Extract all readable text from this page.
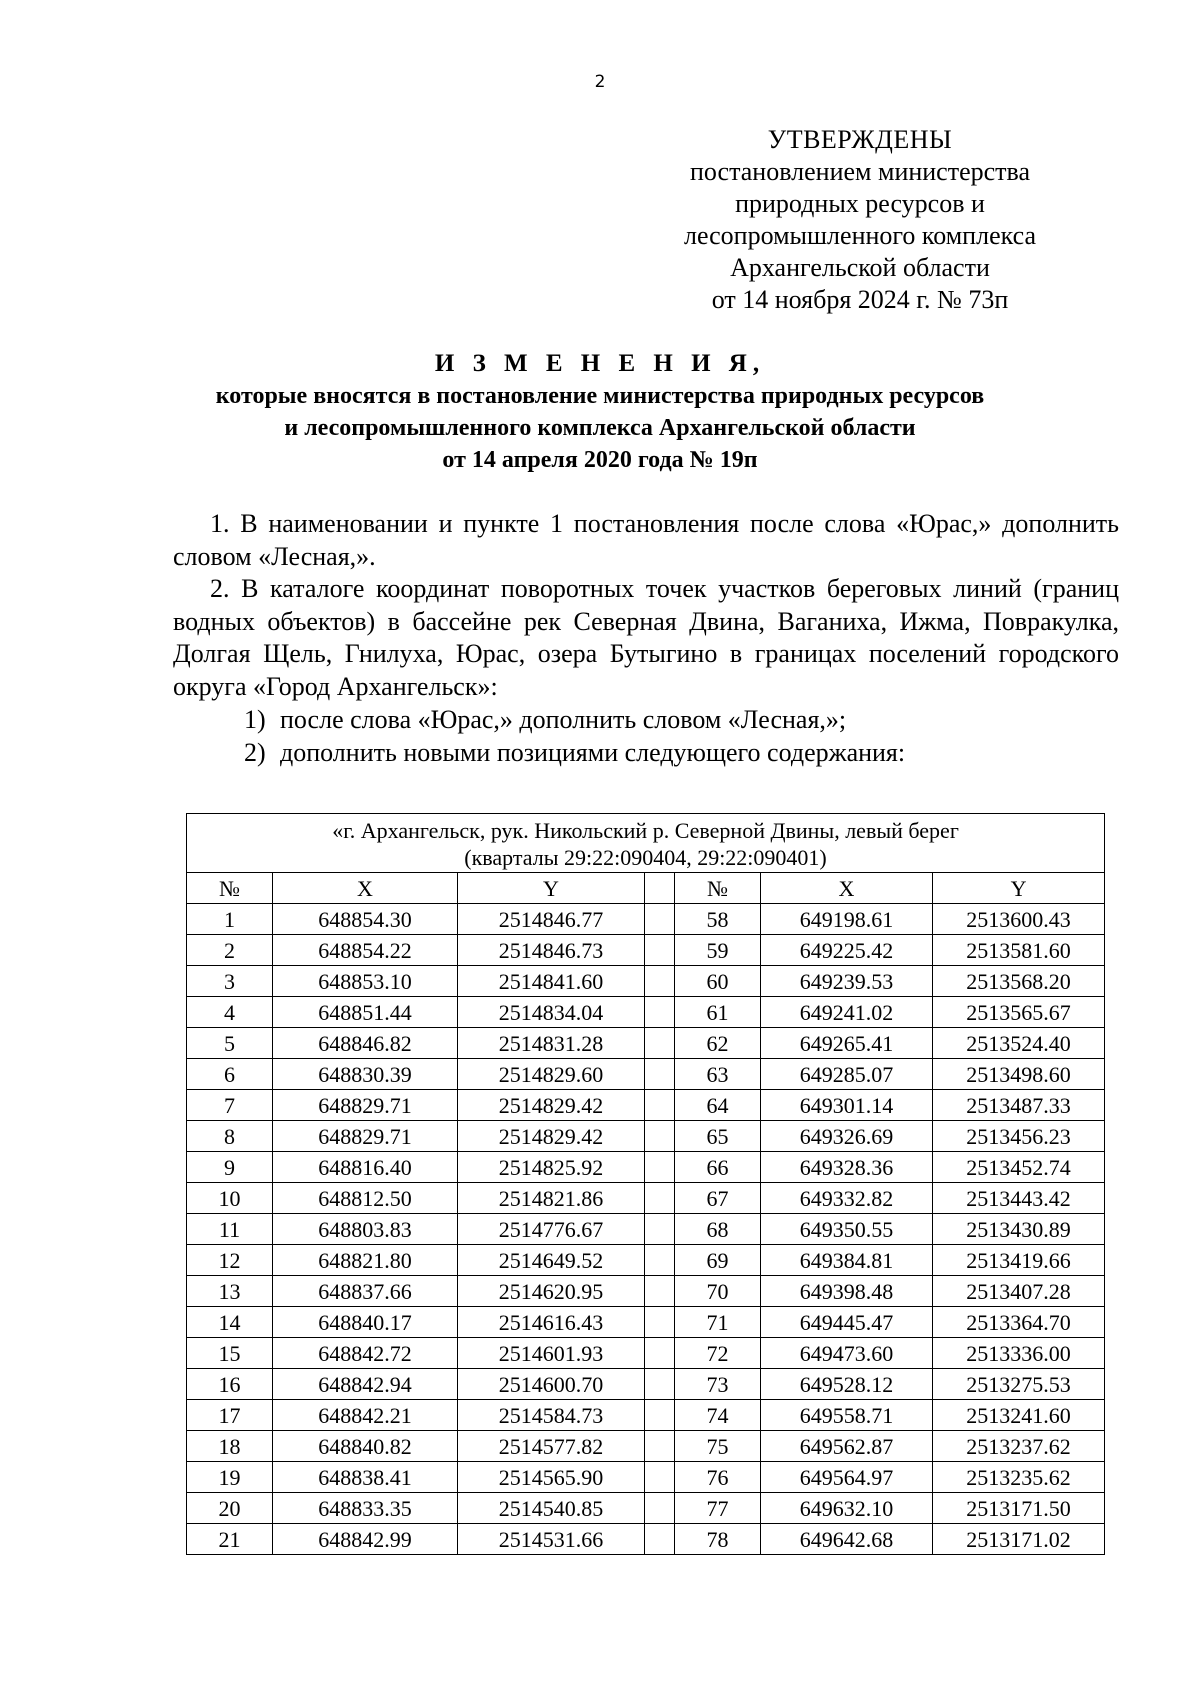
2
УТВЕРЖДЕНЫ
постановлением министерства
природных ресурсов и
лесопромышленного комплекса
Архангельской области
от 14 ноября 2024 г. № 73п
И З М Е Н Е Н И Я,
которые вносятся в постановление министерства природных ресурсов
и лесопромышленного комплекса Архангельской области
от 14 апреля 2020 года № 19п

1. В наименовании и пункте 1 постановления после слова «Юрас,» дополнить словом «Лесная,».

2. В каталоге координат поворотных точек участков береговых линий (границ водных объектов) в бассейне рек Северная Двина, Ваганиха, Ижма, Повракулка, Долгая Щель, Гнилуха, Юрас, озера Бутыгино в границах поселений городского округа «Город Архангельск»:

1) после слова «Юрас,» дополнить словом «Лесная,»;

2) дополнить новыми позициями следующего содержания:

«г. Архангельск, рук. Никольский р. Северной Двины, левый берег
(кварталы 29:22:090404, 29:22:090401)						

№	X	Y		№	X	Y
1	648854.30	2514846.77		58	649198.61	2513600.43
2	648854.22	2514846.73		59	649225.42	2513581.60
3	648853.10	2514841.60		60	649239.53	2513568.20
4	648851.44	2514834.04		61	649241.02	2513565.67
5	648846.82	2514831.28		62	649265.41	2513524.40
6	648830.39	2514829.60		63	649285.07	2513498.60
7	648829.71	2514829.42		64	649301.14	2513487.33
8	648829.71	2514829.42		65	649326.69	2513456.23
9	648816.40	2514825.92		66	649328.36	2513452.74
10	648812.50	2514821.86		67	649332.82	2513443.42
11	648803.83	2514776.67		68	649350.55	2513430.89
12	648821.80	2514649.52		69	649384.81	2513419.66
13	648837.66	2514620.95		70	649398.48	2513407.28
14	648840.17	2514616.43		71	649445.47	2513364.70
15	648842.72	2514601.93		72	649473.60	2513336.00
16	648842.94	2514600.70		73	649528.12	2513275.53
17	648842.21	2514584.73		74	649558.71	2513241.60
18	648840.82	2514577.82		75	649562.87	2513237.62
19	648838.41	2514565.90		76	649564.97	2513235.62
20	648833.35	2514540.85		77	649632.10	2513171.50
21	648842.99	2514531.66		78	649642.68	2513171.02
